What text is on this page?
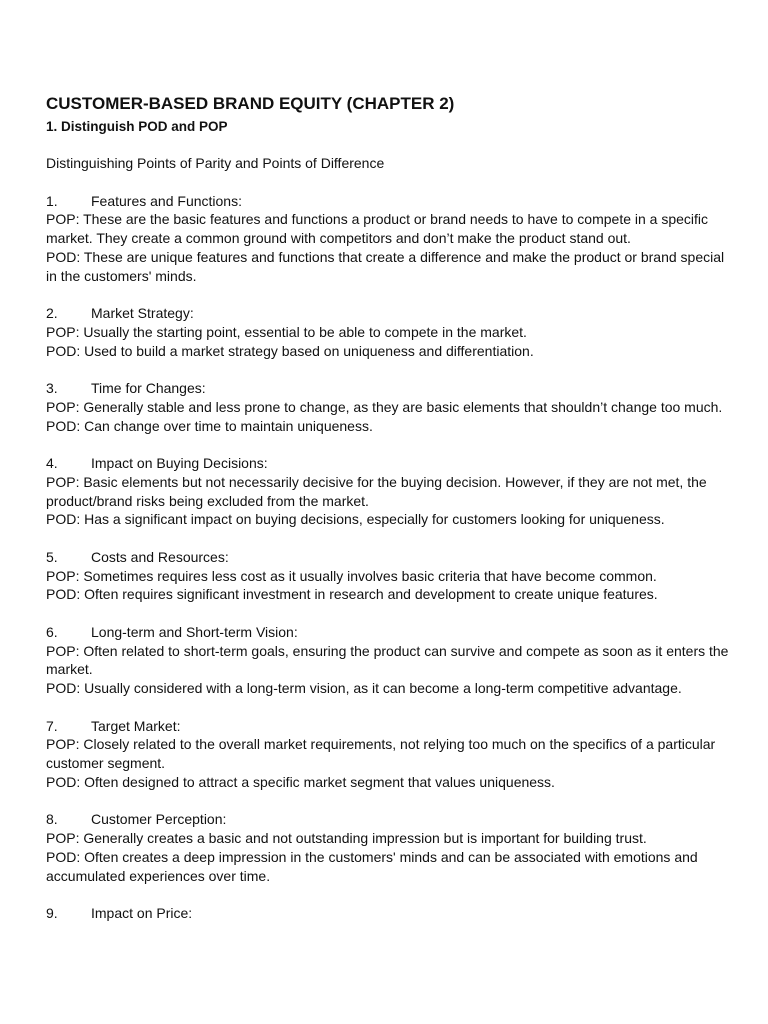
CUSTOMER-BASED BRAND EQUITY (CHAPTER 2)
1. Distinguish POD and POP

Distinguishing Points of Parity and Points of Difference

1.	Features and Functions:

POP: These are the basic features and functions a product or brand needs to have to compete in a specific market. They create a common ground with competitors and don’t make the product stand out.

POD: These are unique features and functions that create a difference and make the product or brand special in the customers' minds.

2.	Market Strategy:

POP: Usually the starting point, essential to be able to compete in the market.

POD: Used to build a market strategy based on uniqueness and differentiation.

3.	Time for Changes:

POP: Generally stable and less prone to change, as they are basic elements that shouldn’t change too much.

POD: Can change over time to maintain uniqueness.

4.	Impact on Buying Decisions:

POP: Basic elements but not necessarily decisive for the buying decision. However, if they are not met, the product/brand risks being excluded from the market.

POD: Has a significant impact on buying decisions, especially for customers looking for uniqueness.

5.	Costs and Resources:

POP: Sometimes requires less cost as it usually involves basic criteria that have become common.

POD: Often requires significant investment in research and development to create unique features.

6.	Long-term and Short-term Vision:

POP: Often related to short-term goals, ensuring the product can survive and compete as soon as it enters the market.

POD: Usually considered with a long-term vision, as it can become a long-term competitive advantage.

7.	Target Market:

POP: Closely related to the overall market requirements, not relying too much on the specifics of a particular customer segment.

POD: Often designed to attract a specific market segment that values uniqueness.

8.	Customer Perception:

POP: Generally creates a basic and not outstanding impression but is important for building trust.

POD: Often creates a deep impression in the customers' minds and can be associated with emotions and accumulated experiences over time.

9.	Impact on Price:
